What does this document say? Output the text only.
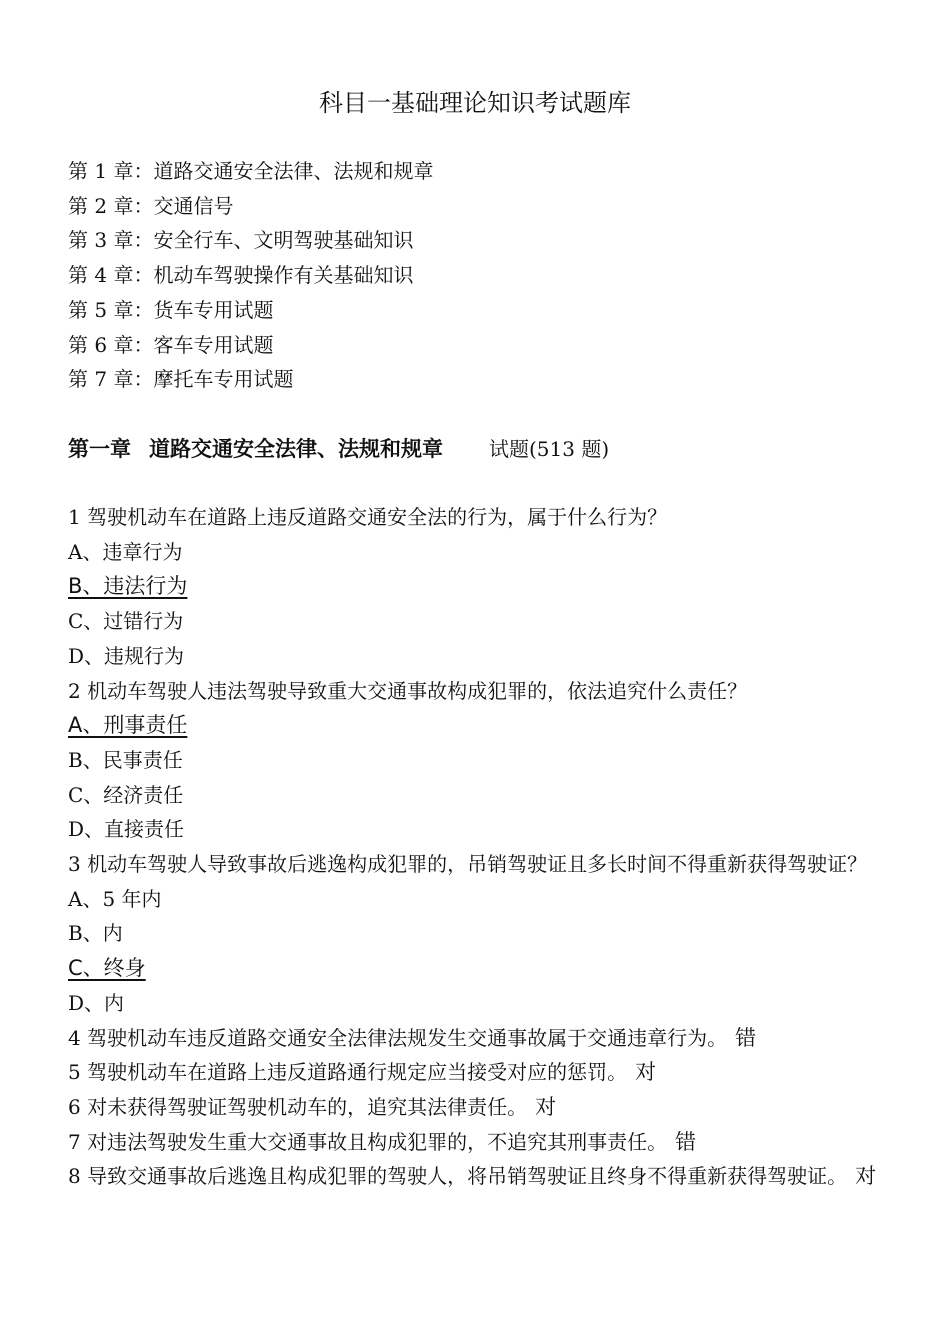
科目一基础理论知识考试题库
第 1 章：道路交通安全法律、法规和规章
第 2 章：交通信号
第 3 章：安全行车、文明驾驶基础知识
第 4 章：机动车驾驶操作有关基础知识
第 5 章：货车专用试题
第 6 章：客车专用试题
第 7 章：摩托车专用试题
第一章 道路交通安全法律、法规和规章 试题(513 题)

1 驾驶机动车在道路上违反道路交通安全法的行为，属于什么行为？

A、违章行为

B、违法行为

C、过错行为

D、违规行为

2 机动车驾驶人违法驾驶导致重大交通事故构成犯罪的，依法追究什么责任？

A、刑事责任

B、民事责任

C、经济责任

D、直接责任

3 机动车驾驶人导致事故后逃逸构成犯罪的，吊销驾驶证且多长时间不得重新获得驾驶证？

A、5 年内

B、内

C、终身

D、内

4 驾驶机动车违反道路交通安全法律法规发生交通事故属于交通违章行为。 错

5 驾驶机动车在道路上违反道路通行规定应当接受对应的惩罚。 对

6 对未获得驾驶证驾驶机动车的，追究其法律责任。 对

7 对违法驾驶发生重大交通事故且构成犯罪的，不追究其刑事责任。 错

8 导致交通事故后逃逸且构成犯罪的驾驶人，将吊销驾驶证且终身不得重新获得驾驶证。 对
